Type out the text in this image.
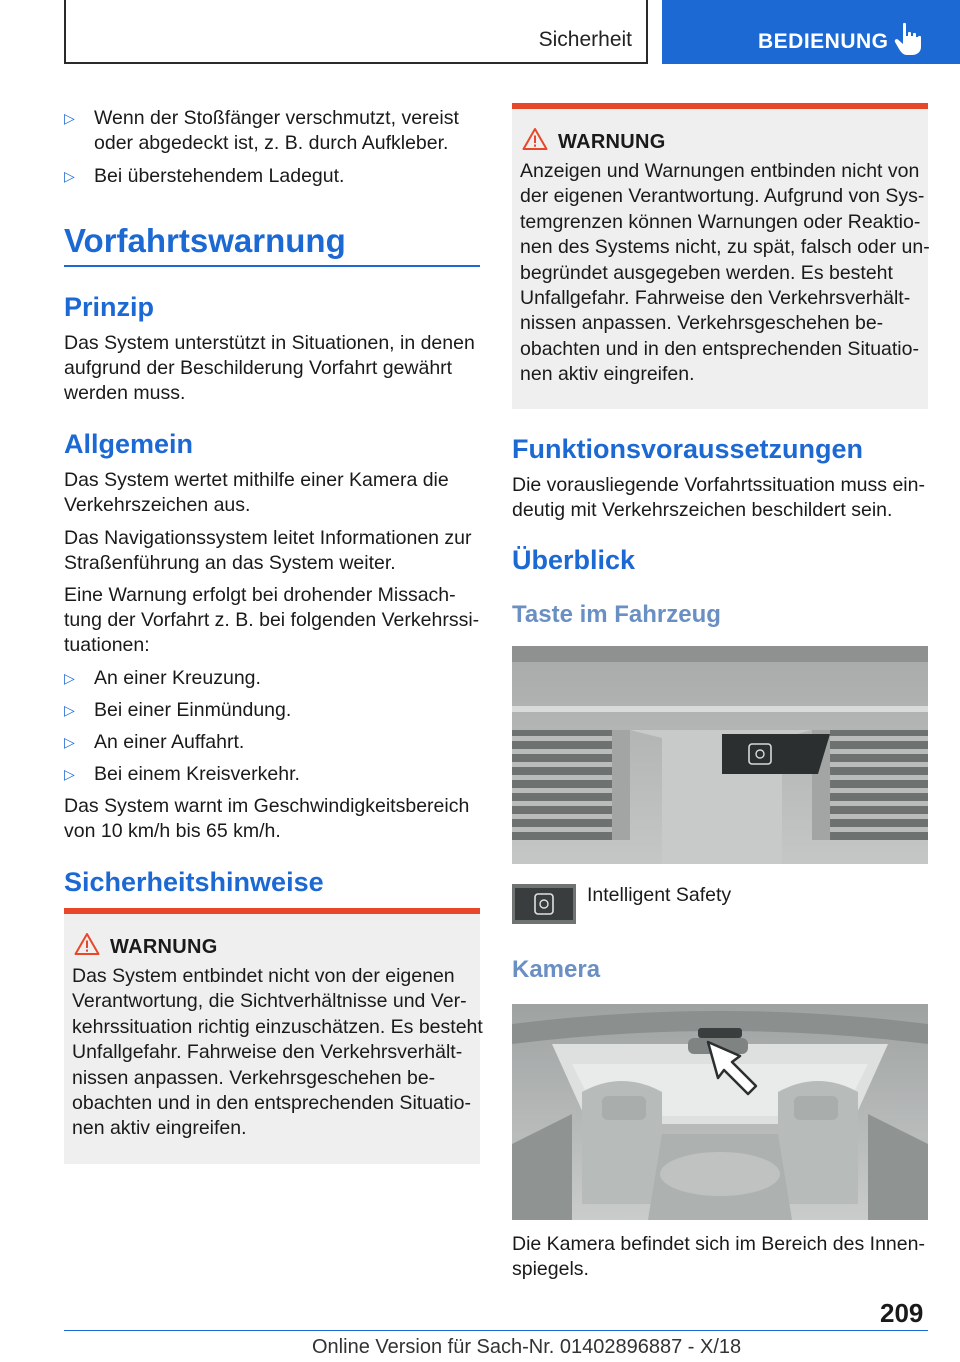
Sicherheit	BEDIENUNG
▷ Wenn der Stoßfänger verschmutzt, vereist
oder abgedeckt ist, z. B. durch Aufkleber.
▷ Bei überstehendem Ladegut.
Vorfahrtswarnung
Prinzip
Das System unterstützt in Situationen, in denen
aufgrund der Beschilderung Vorfahrt gewährt
werden muss.
Allgemein
Das System wertet mithilfe einer Kamera die
Verkehrszeichen aus.
Das Navigationssystem leitet Informationen zur
Straßenführung an das System weiter.
Eine Warnung erfolgt bei drohender Missach-
tung der Vorfahrt z. B. bei folgenden Verkehrssi-
tuationen:
▷ An einer Kreuzung.
▷ Bei einer Einmündung.
▷ An einer Auffahrt.
▷ Bei einem Kreisverkehr.
Das System warnt im Geschwindigkeitsbereich
von 10 km/h bis 65 km/h.
Sicherheitshinweise
WARNUNG
Das System entbindet nicht von der eigenen
Verantwortung, die Sichtverhältnisse und Ver-
kehrssituation richtig einzuschätzen. Es besteht
Unfallgefahr. Fahrweise den Verkehrsverhält-
nissen anpassen. Verkehrsgeschehen be-
obachten und in den entsprechenden Situatio-
nen aktiv eingreifen.
WARNUNG
Anzeigen und Warnungen entbinden nicht von
der eigenen Verantwortung. Aufgrund von Sys-
temgrenzen können Warnungen oder Reaktio-
nen des Systems nicht, zu spät, falsch oder un-
begründet ausgegeben werden. Es besteht
Unfallgefahr. Fahrweise den Verkehrsverhält-
nissen anpassen. Verkehrsgeschehen be-
obachten und in den entsprechenden Situatio-
nen aktiv eingreifen.
Funktionsvoraussetzungen
Die vorausliegende Vorfahrtssituation muss ein-
deutig mit Verkehrszeichen beschildert sein.
Überblick
Taste im Fahrzeug
Intelligent Safety
Kamera
Die Kamera befindet sich im Bereich des Innen-
spiegels.
209
Online Version für Sach-Nr. 01402896887 - X/18
